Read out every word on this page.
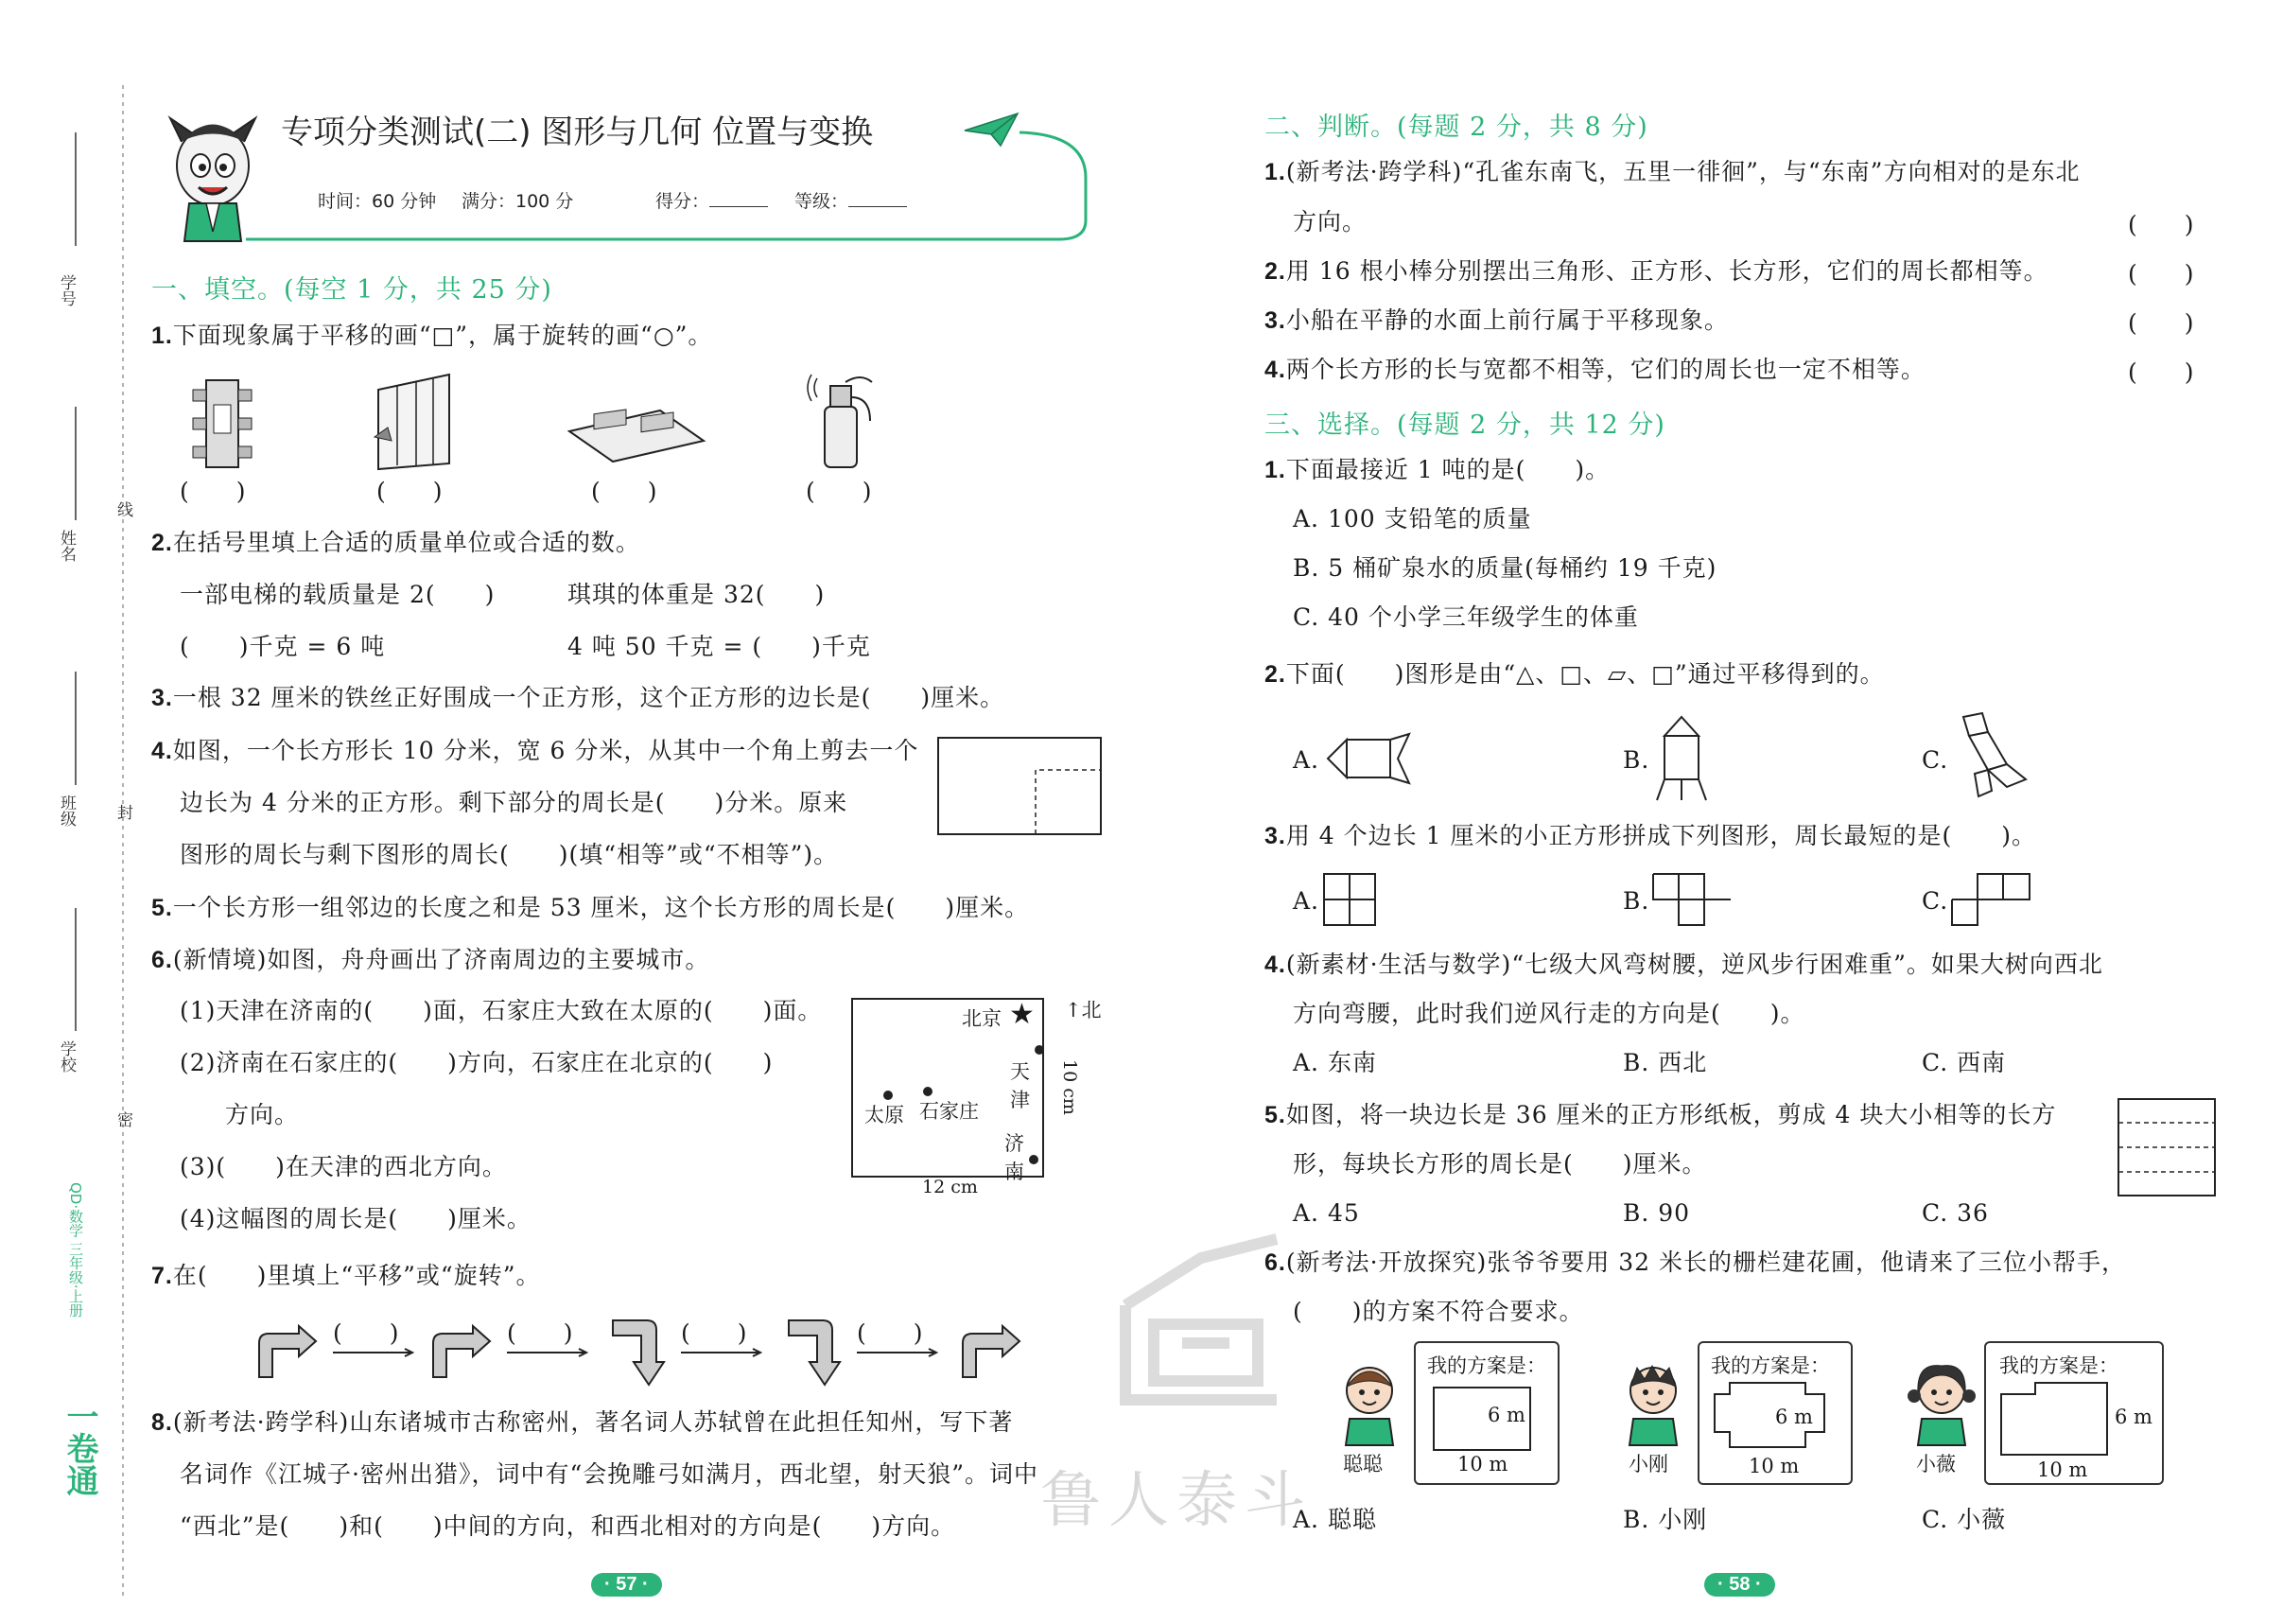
学号
姓名
班级
学校
线
封
密
一卷通
QD·数学 三年级·上册
专项分类测试(二) 图形与几何 位置与变换
时间：60 分钟 满分：100 分	得分：	等级：
一、填空。(每空 1 分，共 25 分)
1.下面现象属于平移的画“□”，属于旋转的画“○”。
(　　)	(　　)	(　　)	(　　)
2.在括号里填上合适的质量单位或合适的数。
一部电梯的载质量是 2(　　)	琪琪的体重是 32(　　)
(　　)千克 = 6 吨	4 吨 50 千克 = (　　)千克
3.一根 32 厘米的铁丝正好围成一个正方形，这个正方形的边长是(　　)厘米。
4.如图，一个长方形长 10 分米，宽 6 分米，从其中一个角上剪去一个
边长为 4 分米的正方形。剩下部分的周长是(　　)分米。原来
图形的周长与剩下图形的周长(　　)(填“相等”或“不相等”)。
5.一个长方形一组邻边的长度之和是 53 厘米，这个长方形的周长是(　　)厘米。
6.(新情境)如图，舟舟画出了济南周边的主要城市。
(1)天津在济南的(　　)面，石家庄大致在太原的(　　)面。
(2)济南在石家庄的(　　)方向，石家庄在北京的(　　)
方向。
(3)(　　)在天津的西北方向。
(4)这幅图的周长是(　　)厘米。
北京 ★
天津
太原 石家庄
济南
↑北
10 cm
12 cm
7.在(　　)里填上“平移”或“旋转”。
(　　)	(　　)	(　　)	(　　)
8.(新考法·跨学科)山东诸城市古称密州，著名词人苏轼曾在此担任知州，写下著
名词作《江城子·密州出猎》，词中有“会挽雕弓如满月，西北望，射天狼”。词中
“西北”是(　　)和(　　)中间的方向，和西北相对的方向是(　　)方向。
· 57 ·
二、判断。(每题 2 分，共 8 分)
1.(新考法·跨学科)“孔雀东南飞，五里一徘徊”，与“东南”方向相对的是东北
方向。	(　　)
2.用 16 根小棒分别摆出三角形、正方形、长方形，它们的周长都相等。	(　　)
3.小船在平静的水面上前行属于平移现象。	(　　)
4.两个长方形的长与宽都不相等，它们的周长也一定不相等。	(　　)
三、选择。(每题 2 分，共 12 分)
1.下面最接近 1 吨的是(　　)。
A. 100 支铅笔的质量
B. 5 桶矿泉水的质量(每桶约 19 千克)
C. 40 个小学三年级学生的体重
2.下面(　　)图形是由“△、□、▱、□”通过平移得到的。
A.	B.	C.
3.用 4 个边长 1 厘米的小正方形拼成下列图形，周长最短的是(　　)。
A.	B.	C.
4.(新素材·生活与数学)“七级大风弯树腰，逆风步行困难重”。如果大树向西北
方向弯腰，此时我们逆风行走的方向是(　　)。
A. 东南	B. 西北	C. 西南
5.如图，将一块边长是 36 厘米的正方形纸板，剪成 4 块大小相等的长方
形，每块长方形的周长是(　　)厘米。
A. 45	B. 90	C. 36
6.(新考法·开放探究)张爷爷要用 32 米长的栅栏建花圃，他请来了三位小帮手，
(　　)的方案不符合要求。
聪聪
我的方案是：
6 m
10 m	小刚
我的方案是：
6 m
10 m	小薇
我的方案是：
6 m
10 m
A. 聪聪	B. 小刚	C. 小薇
· 58 ·
鲁人泰斗
